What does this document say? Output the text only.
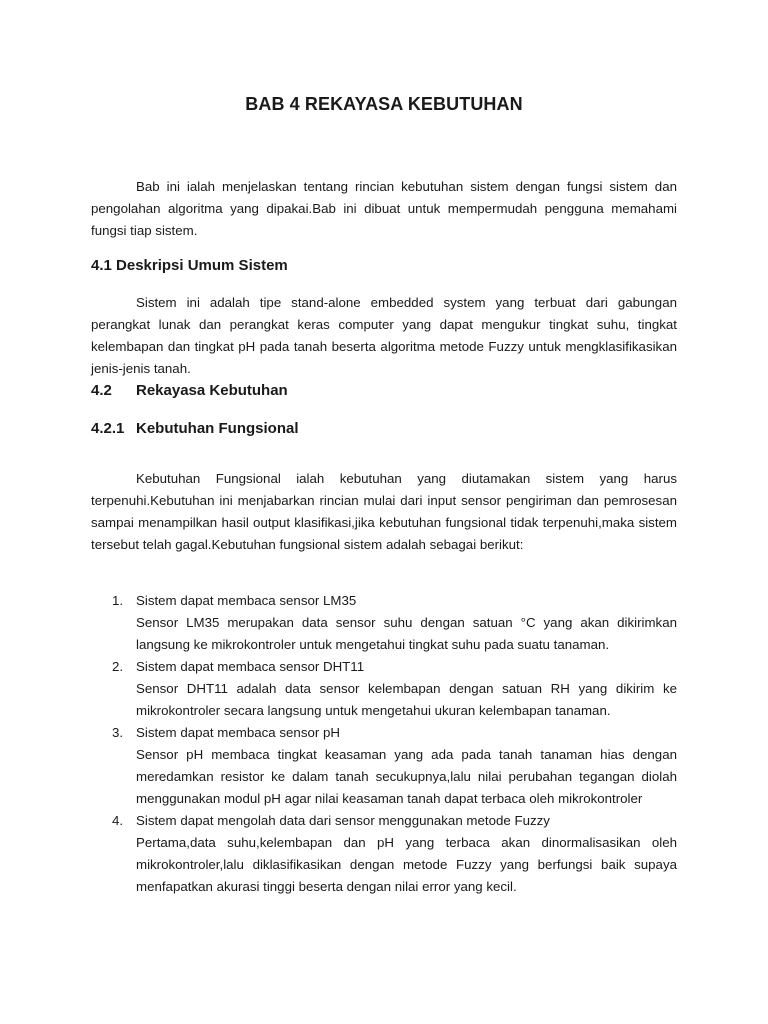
BAB 4 REKAYASA KEBUTUHAN

Bab ini ialah menjelaskan tentang rincian kebutuhan sistem dengan fungsi sistem dan pengolahan algoritma yang dipakai.Bab ini dibuat untuk mempermudah pengguna memahami fungsi tiap sistem.

4.1 Deskripsi Umum Sistem

Sistem ini adalah tipe stand-alone embedded system yang terbuat dari gabungan perangkat lunak dan perangkat keras computer yang dapat mengukur tingkat suhu, tingkat kelembapan dan tingkat pH pada tanah beserta algoritma metode Fuzzy untuk mengklasifikasikan jenis-jenis tanah.

4.2 Rekayasa Kebutuhan
4.2.1 Kebutuhan Fungsional

Kebutuhan Fungsional ialah kebutuhan yang diutamakan sistem yang harus terpenuhi.Kebutuhan ini menjabarkan rincian mulai dari input sensor pengiriman dan pemrosesan sampai menampilkan hasil output klasifikasi,jika kebutuhan fungsional tidak terpenuhi,maka sistem tersebut telah gagal.Kebutuhan fungsional sistem adalah sebagai berikut:

1. Sistem dapat membaca sensor LM35
Sensor LM35 merupakan data sensor suhu dengan satuan °C yang akan dikirimkan langsung ke mikrokontroler untuk mengetahui tingkat suhu pada suatu tanaman.
2. Sistem dapat membaca sensor DHT11
Sensor DHT11 adalah data sensor kelembapan dengan satuan RH yang dikirim ke mikrokontroler secara langsung untuk mengetahui ukuran kelembapan tanaman.
3. Sistem dapat membaca sensor pH
Sensor pH membaca tingkat keasaman yang ada pada tanah tanaman hias dengan meredamkan resistor ke dalam tanah secukupnya,lalu nilai perubahan tegangan diolah menggunakan modul pH agar nilai keasaman tanah dapat terbaca oleh mikrokontroler
4. Sistem dapat mengolah data dari sensor menggunakan metode Fuzzy
Pertama,data suhu,kelembapan dan pH yang terbaca akan dinormalisasikan oleh mikrokontroler,lalu diklasifikasikan dengan metode Fuzzy yang berfungsi baik supaya menfapatkan akurasi tinggi beserta dengan nilai error yang kecil.
